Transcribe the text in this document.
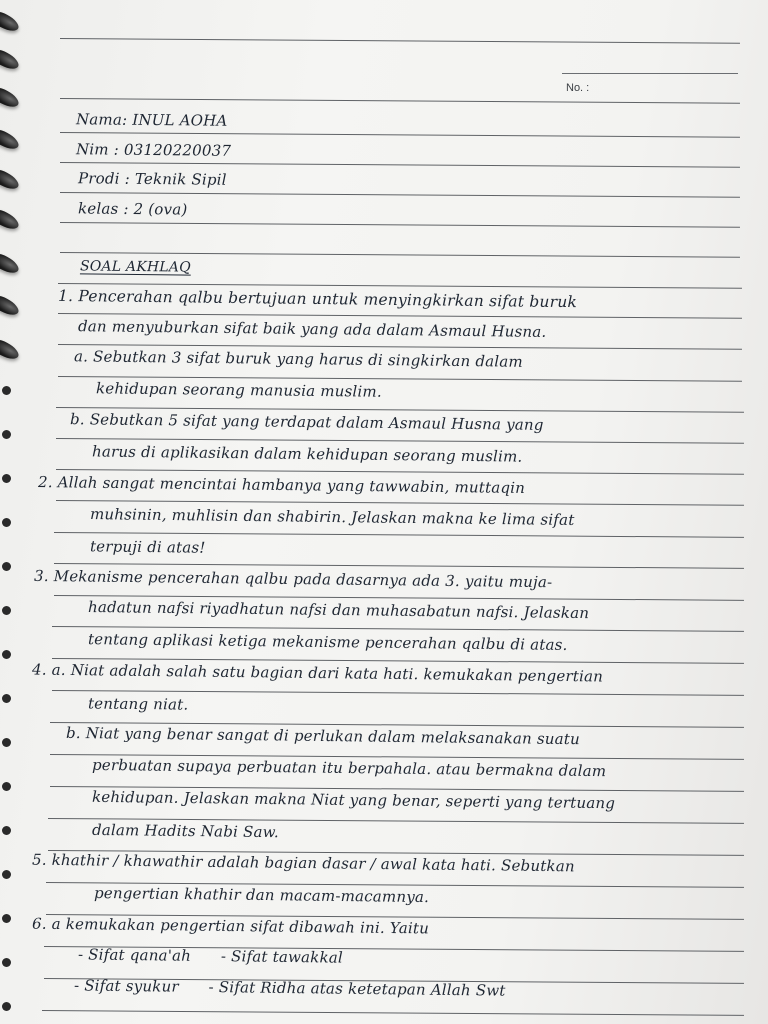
No. :
Nama: INUL AOHA
Nim : 03120220037
Prodi : Teknik Sipil
kelas : 2 (ova)
SOAL AKHLAQ
1. Pencerahan qalbu bertujuan untuk menyingkirkan sifat buruk
dan menyuburkan sifat baik yang ada dalam Asmaul Husna.
a. Sebutkan 3 sifat buruk yang harus di singkirkan dalam
kehidupan seorang manusia muslim.
b. Sebutkan 5 sifat yang terdapat dalam Asmaul Husna yang
harus di aplikasikan dalam kehidupan seorang muslim.
2. Allah sangat mencintai hambanya yang tawwabin, muttaqin
muhsinin, muhlisin dan shabirin. Jelaskan makna ke lima sifat
terpuji di atas!
3. Mekanisme pencerahan qalbu pada dasarnya ada 3. yaitu muja-
hadatun nafsi riyadhatun nafsi dan muhasabatun nafsi. Jelaskan
tentang aplikasi ketiga mekanisme pencerahan qalbu di atas.
4. a. Niat adalah salah satu bagian dari kata hati. kemukakan pengertian
tentang niat.
b. Niat yang benar sangat di perlukan dalam melaksanakan suatu
perbuatan supaya perbuatan itu berpahala. atau bermakna dalam
kehidupan. Jelaskan makna Niat yang benar, seperti yang tertuang
dalam Hadits Nabi Saw.
5. khathir / khawathir adalah bagian dasar / awal kata hati. Sebutkan
pengertian khathir dan macam-macamnya.
6. a kemukakan pengertian sifat dibawah ini. Yaitu
- Sifat qana'ah      - Sifat tawakkal
- Sifat syukur      - Sifat Ridha atas ketetapan Allah Swt
